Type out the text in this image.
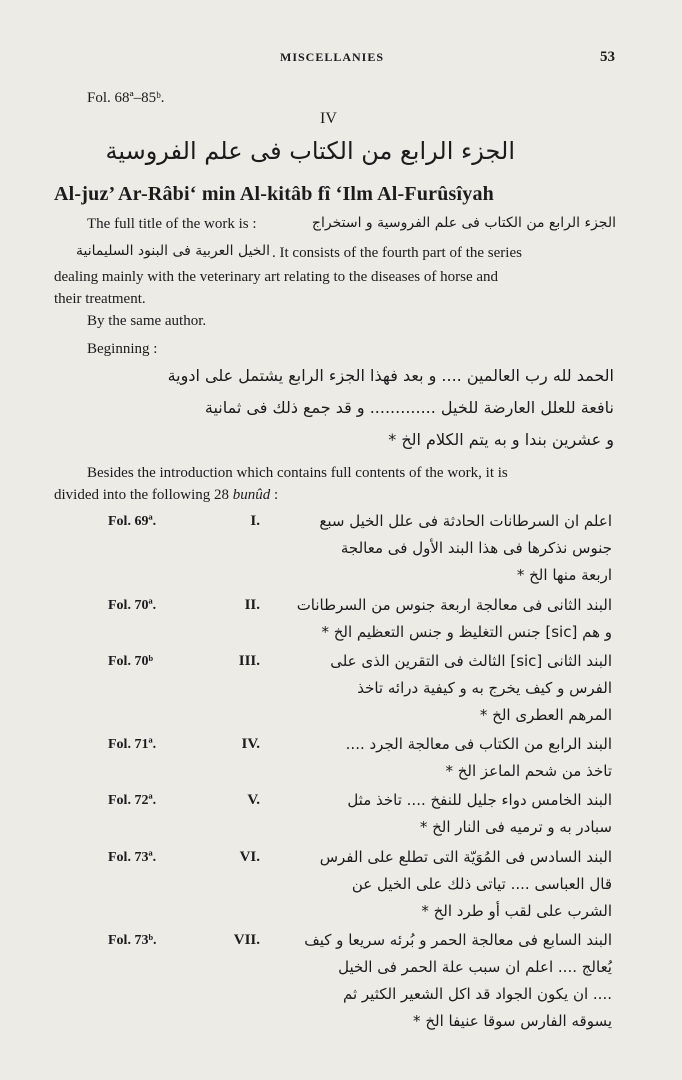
MISCELLANIES	53
Fol. 68ª–85ᵇ.
IV
الجزء الرابع من الكتاب فى علم الفروسية
Al-juz’ Ar-Râbi‘ min Al-kitâb fî ‘Ilm Al-Furûsîyah
The full title of the work is :	الجزء الرابع من الكتاب فى علم الفروسية و استخراج
الخيل العربية فى البنود السليمانية . It consists of the fourth part of the series
dealing mainly with the veterinary art relating to the diseases of horse and
their treatment.
By the same author.
Beginning :
الحمد لله رب العالمين .... و بعد فهذا الجزء الرابع يشتمل على ادوية
نافعة للعلل العارضة للخيل ............. و قد جمع ذلك فى ثمانية
و عشرين بندا و به يتم الكلام الخ *
Besides the introduction which contains full contents of the work, it is
divided into the following 28 bunûd :
Fol. 69ª.	I.	اعلم ان السرطانات الحادثة فى علل الخيل سبع
جنوس نذكرها فى هذا البند الأول فى معالجة
اربعة منها الخ *
Fol. 70ª.	II.	البند الثانى فى معالجة اربعة جنوس من السرطانات
و هم [sic] جنس التغليظ و جنس التعظيم الخ *
Fol. 70ᵇ	III.	البند الثانى [sic] الثالث فى التقرين الذى على
الفرس و كيف يخرج به و كيفية درائه تاخذ
المرهم العطرى الخ *
Fol. 71ª.	IV.	البند الرابع من الكتاب فى معالجة الجرد ....
تاخذ من شحم الماعز الخ *
Fol. 72ª.	V.	البند الخامس دواء جليل للنفخ .... تاخذ مثل
سبادر به و ترميه فى النار الخ *
Fol. 73ª.	VI.	البند السادس فى المُوَيّة التى تطلع على الفرس
قال العباسى .... تياتى ذلك على الخيل عن
الشرب على لقب أو طرد الخ *
Fol. 73ᵇ.	VII.	البند السابع فى معالجة الحمر و بُرئه سريعا و كيف
يُعالج .... اعلم ان سبب علة الحمر فى الخيل
.... ان يكون الجواد قد اكل الشعير الكثير ثم
يسوقه الفارس سوقا عنيفا الخ *
